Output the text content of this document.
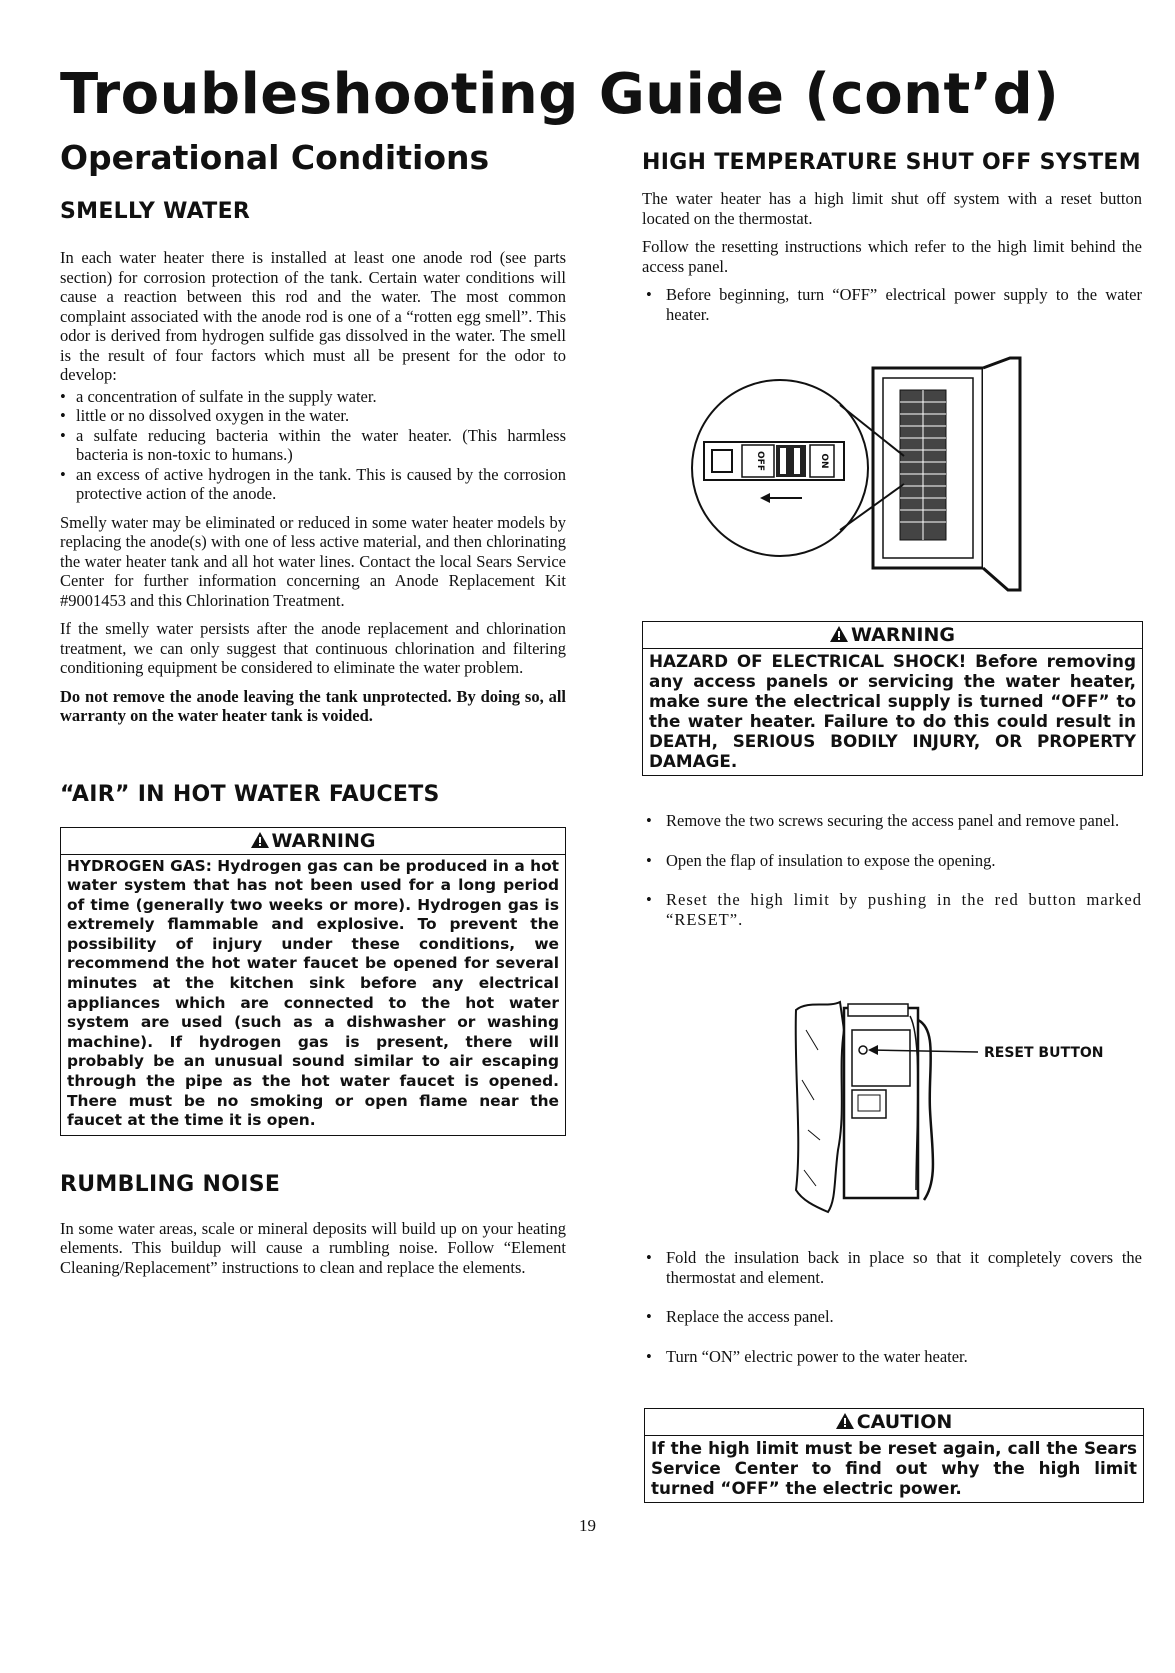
Troubleshooting Guide (cont’d)
Operational Conditions
SMELLY WATER

In each water heater there is installed at least one anode rod (see parts section) for corrosion protection of the tank. Certain water conditions will cause a reaction between this rod and the water. The most common complaint associated with the anode rod is one of a “rotten egg smell”. This odor is derived from hydrogen sulfide gas dissolved in the water. The smell is the result of four factors which must all be present for the odor to develop:

• a concentration of sulfate in the supply water.
• little or no dissolved oxygen in the water.
• a sulfate reducing bacteria within the water heater. (This harmless bacteria is non-toxic to humans.)
• an excess of active hydrogen in the tank. This is caused by the corrosion protective action of the anode.

Smelly water may be eliminated or reduced in some water heater models by replacing the anode(s) with one of less active material, and then chlorinating the water heater tank and all hot water lines. Contact the local Sears Service Center for further information concerning an Anode Replacement Kit #9001453 and this Chlorination Treatment.

If the smelly water persists after the anode replacement and chlorination treatment, we can only suggest that continuous chlorination and filtering conditioning equipment be considered to eliminate the water problem.

Do not remove the anode leaving the tank unprotected. By doing so, all warranty on the water heater tank is voided.

“AIR” IN HOT WATER FAUCETS
WARNING

HYDROGEN GAS: Hydrogen gas can be produced in a hot water system that has not been used for a long period of time (generally two weeks or more). Hydrogen gas is extremely flammable and explosive. To prevent the possibility of injury under these conditions, we recommend the hot water faucet be opened for several minutes at the kitchen sink before any electrical appliances which are connected to the hot water system are used (such as a dishwasher or washing machine). If hydrogen gas is present, there will probably be an unusual sound similar to air escaping through the pipe as the hot water faucet is opened. There must be no smoking or open flame near the faucet at the time it is open.

RUMBLING NOISE

In some water areas, scale or mineral deposits will build up on your heating elements. This buildup will cause a rumbling noise. Follow “Element Cleaning/Replacement” instructions to clean and replace the elements.

HIGH TEMPERATURE SHUT OFF SYSTEM

The water heater has a high limit shut off system with a reset button located on the thermostat.

Follow the resetting instructions which refer to the high limit behind the access panel.

• Before beginning, turn “OFF” electrical power supply to the water heater.
OFF	ON
WARNING

HAZARD OF ELECTRICAL SHOCK! Before removing any access panels or servicing the water heater, make sure the electrical supply is turned “OFF” to the water heater. Failure to do this could result in DEATH, SERIOUS BODILY INJURY, OR PROPERTY DAMAGE.

• Remove the two screws securing the access panel and remove panel.
• Open the flap of insulation to expose the opening.
• Reset the high limit by pushing in the red button marked “RESET”.
RESET BUTTON
• Fold the insulation back in place so that it completely covers the thermostat and element.
• Replace the access panel.
• Turn “ON” electric power to the water heater.
CAUTION

If the high limit must be reset again, call the Sears Service Center to find out why the high limit turned “OFF” the electric power.

19
